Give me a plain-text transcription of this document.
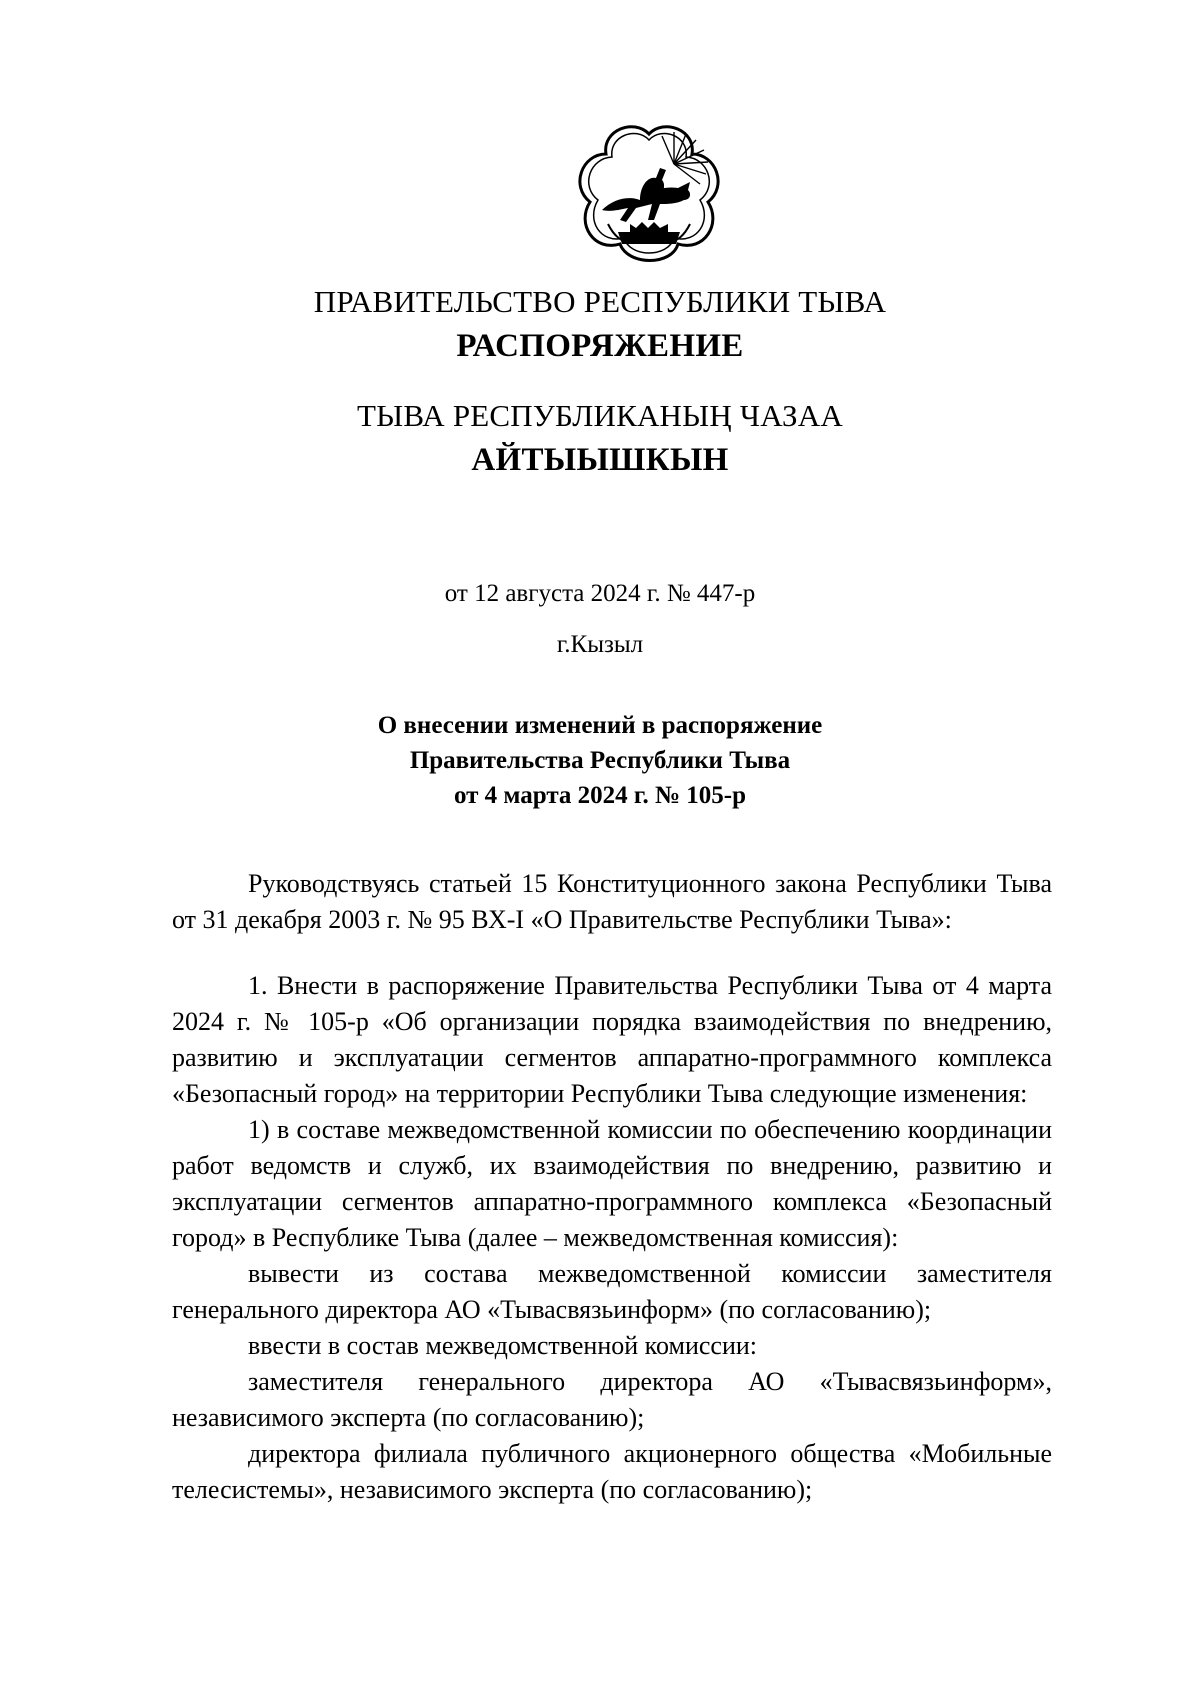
ПРАВИТЕЛЬСТВО РЕСПУБЛИКИ ТЫВА
РАСПОРЯЖЕНИЕ
ТЫВА РЕСПУБЛИКАНЫҢ ЧАЗАА
АЙТЫЫШКЫН
от 12 августа 2024 г. № 447-р
г.Кызыл
О внесении изменений в распоряжение
Правительства Республики Тыва
от 4 марта 2024 г. № 105-р

Руководствуясь статьей 15 Конституционного закона Республики Тыва от 31 декабря 2003 г. № 95 ВХ-I «О Правительстве Республики Тыва»:

1. Внести в распоряжение Правительства Республики Тыва от 4 марта 2024 г. № 105-р «Об организации порядка взаимодействия по внедрению, развитию и эксплуатации сегментов аппаратно-программного комплекса «Безопасный город» на территории Республики Тыва следующие изменения:

1) в составе межведомственной комиссии по обеспечению координации работ ведомств и служб, их взаимодействия по внедрению, развитию и эксплуатации сегментов аппаратно-программного комплекса «Безопасный город» в Республике Тыва (далее – межведомственная комиссия):

вывести из состава межведомственной комиссии заместителя генерального директора АО «Тывасвязьинформ» (по согласованию);

ввести в состав межведомственной комиссии:

заместителя генерального директора АО «Тывасвязьинформ», независимого эксперта (по согласованию);

директора филиала публичного акционерного общества «Мобильные телесистемы», независимого эксперта (по согласованию);
